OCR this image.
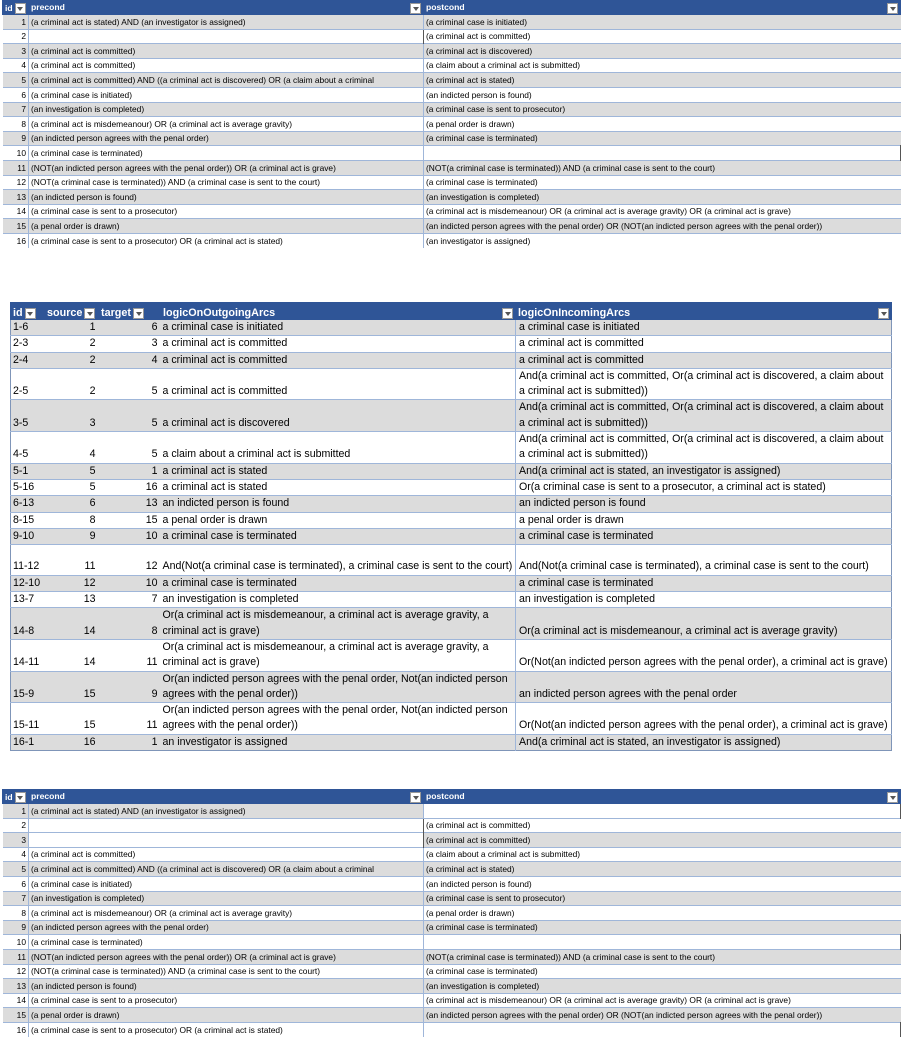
id	precond	postcond

1	(a criminal act is stated) AND (an investigator is assigned)	(a criminal case is initiated)
2		(a criminal act is committed)
3	(a criminal act is committed)	(a criminal act is discovered)
4	(a criminal act is committed)	(a claim about a criminal act is submitted)
5	(a criminal act is committed) AND ((a criminal act is discovered) OR (a claim about a criminal	(a criminal act is stated)
6	(a criminal case is initiated)	(an indicted person is found)
7	(an investigation is completed)	(a criminal case is sent to prosecutor)
8	(a criminal act is misdemeanour) OR (a criminal act is average gravity)	(a penal order is drawn)
9	(an indicted person agrees with the penal order)	(a criminal case is terminated)
10	(a criminal case is terminated)	
11	(NOT(an indicted person agrees with the penal order)) OR (a criminal act is grave)	(NOT(a criminal case is terminated)) AND (a criminal case is sent to the court)
12	(NOT(a criminal case is terminated)) AND (a criminal case is sent to the court)	(a criminal case is terminated)
13	(an indicted person is found)	(an investigation is completed)
14	(a criminal case is sent to a prosecutor)	(a criminal act is misdemeanour) OR (a criminal act is average gravity) OR (a criminal act is grave)
15	(a penal order is drawn)	(an indicted person agrees with the penal order) OR (NOT(an indicted person agrees with the penal order))
16	(a criminal case is sent to a prosecutor) OR (a criminal act is stated)	(an investigator is assigned)
id	source	target	logicOnOutgoingArcs	logicOnIncomingArcs

1-6	1	6	a criminal case is initiated	a criminal case is initiated
2-3	2	3	a criminal act is committed	a criminal act is committed
2-4	2	4	a criminal act is committed	a criminal act is committed
2-5	2	5	a criminal act is committed	And(a criminal act is committed, Or(a criminal act is discovered, a claim about a criminal act is submitted))
3-5	3	5	a criminal act is discovered	And(a criminal act is committed, Or(a criminal act is discovered, a claim about a criminal act is submitted))
4-5	4	5	a claim about a criminal act is submitted	And(a criminal act is committed, Or(a criminal act is discovered, a claim about a criminal act is submitted))
5-1	5	1	a criminal act is stated	And(a criminal act is stated, an investigator is assigned)
5-16	5	16	a criminal act is stated	Or(a criminal case is sent to a prosecutor, a criminal act is stated)
6-13	6	13	an indicted person is found	an indicted person is found
8-15	8	15	a penal order is drawn	a penal order is drawn
9-10	9	10	a criminal case is terminated	a criminal case is terminated
11-12	11	12	And(Not(a criminal case is terminated), a criminal case is sent to the court)	And(Not(a criminal case is terminated), a criminal case is sent to the court)
12-10	12	10	a criminal case is terminated	a criminal case is terminated
13-7	13	7	an investigation is completed	an investigation is completed
14-8	14	8	Or(a criminal act is misdemeanour, a criminal act is average gravity, a criminal act is grave)	Or(a criminal act is misdemeanour, a criminal act is average gravity)
14-11	14	11	Or(a criminal act is misdemeanour, a criminal act is average gravity, a criminal act is grave)	Or(Not(an indicted person agrees with the penal order), a criminal act is grave)
15-9	15	9	Or(an indicted person agrees with the penal order, Not(an indicted person agrees with the penal order))	an indicted person agrees with the penal order
15-11	15	11	Or(an indicted person agrees with the penal order, Not(an indicted person agrees with the penal order))	Or(Not(an indicted person agrees with the penal order), a criminal act is grave)
16-1	16	1	an investigator is assigned	And(a criminal act is stated, an investigator is assigned)
id	precond	postcond

1	(a criminal act is stated) AND (an investigator is assigned)	
2		(a criminal act is committed)
3		(a criminal act is committed)
4	(a criminal act is committed)	(a claim about a criminal act is submitted)
5	(a criminal act is committed) AND ((a criminal act is discovered) OR (a claim about a criminal	(a criminal act is stated)
6	(a criminal case is initiated)	(an indicted person is found)
7	(an investigation is completed)	(a criminal case is sent to prosecutor)
8	(a criminal act is misdemeanour) OR (a criminal act is average gravity)	(a penal order is drawn)
9	(an indicted person agrees with the penal order)	(a criminal case is terminated)
10	(a criminal case is terminated)	
11	(NOT(an indicted person agrees with the penal order)) OR (a criminal act is grave)	(NOT(a criminal case is terminated)) AND (a criminal case is sent to the court)
12	(NOT(a criminal case is terminated)) AND (a criminal case is sent to the court)	(a criminal case is terminated)
13	(an indicted person is found)	(an investigation is completed)
14	(a criminal case is sent to a prosecutor)	(a criminal act is misdemeanour) OR (a criminal act is average gravity) OR (a criminal act is grave)
15	(a penal order is drawn)	(an indicted person agrees with the penal order) OR (NOT(an indicted person agrees with the penal order))
16	(a criminal case is sent to a prosecutor) OR (a criminal act is stated)	
